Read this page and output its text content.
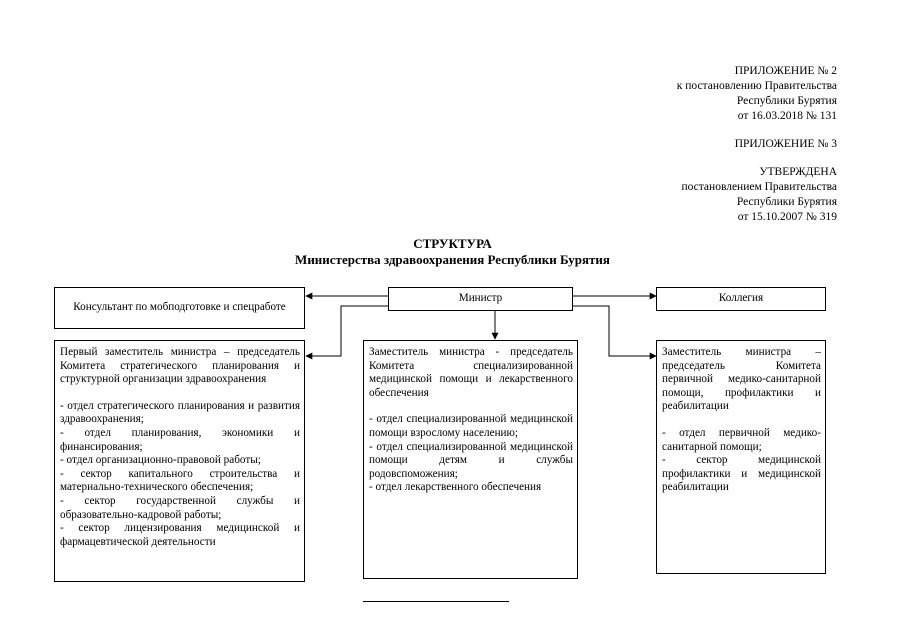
ПРИЛОЖЕНИЕ № 2
к постановлению Правительства
Республики Бурятия
от 16.03.2018 № 131
ПРИЛОЖЕНИЕ № 3
УТВЕРЖДЕНА
постановлением Правительства
Республики Бурятия
от 15.10.2007 № 319
СТРУКТУРА
Министерства здравоохранения Республики Бурятия
Консультант по мобподготовке и спецработе
Министр	Коллегия

Первый заместитель министра – председатель Комитета стратегического планирования и структурной организации здравоохранения

- отдел стратегического планирования и развития здравоохранения;

- отдел планирования, экономики и финансирования;

- отдел организационно-правовой работы;

- сектор капитального строительства и материально-технического обеспечения;

- сектор государственной службы и образовательно-кадровой работы;

- сектор лицензирования медицинской и фармацевтической деятельности

Заместитель министра - председатель Комитета специализированной медицинской помощи и лекарственного обеспечения

- отдел специализированной медицинской помощи взрослому населению;

- отдел специализированной медицинской помощи детям и службы родовспоможения;

- отдел лекарственного обеспечения

Заместитель министра – председатель Комитета первичной медико-санитарной помощи, профилактики и реабилитации

- отдел первичной медико-санитарной помощи;

- сектор медицинской профилактики и медицинской реабилитации
